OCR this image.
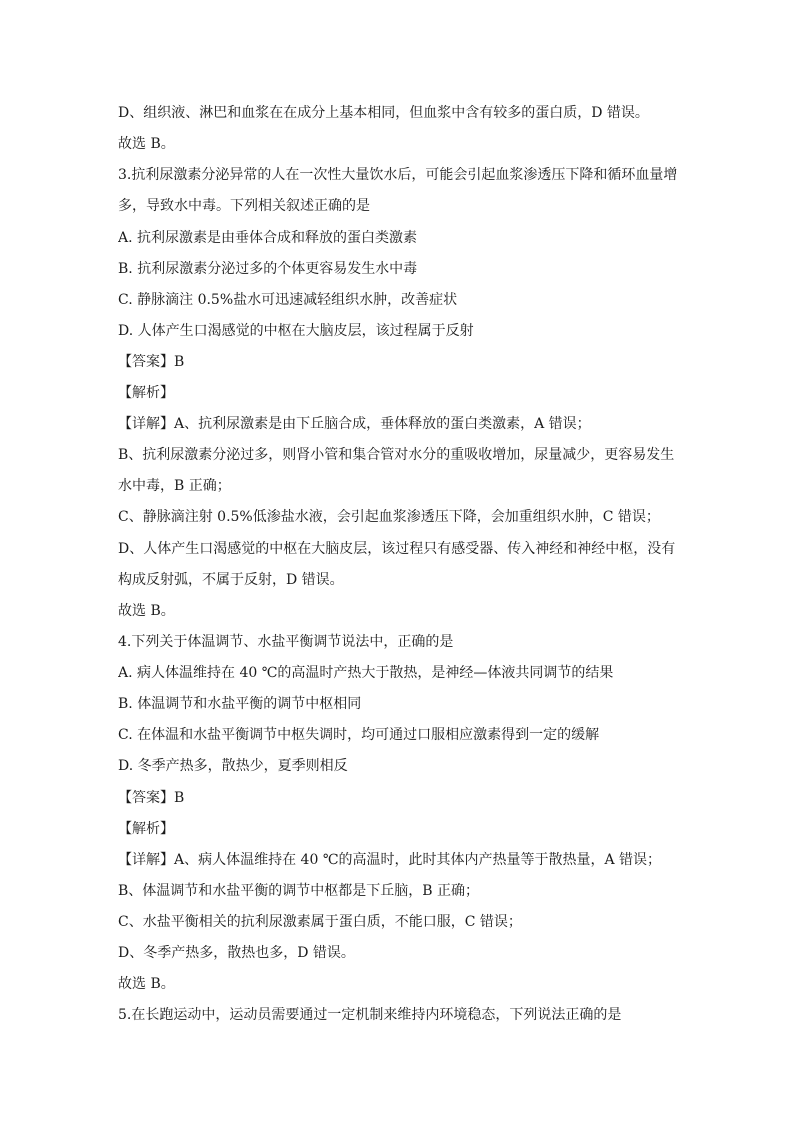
D、组织液、淋巴和血浆在在成分上基本相同，但血浆中含有较多的蛋白质，D 错误。
故选 B。
3.抗利尿激素分泌异常的人在一次性大量饮水后，可能会引起血浆渗透压下降和循环血量增
多，导致水中毒。下列相关叙述正确的是
A. 抗利尿激素是由垂体合成和释放的蛋白类激素
B. 抗利尿激素分泌过多的个体更容易发生水中毒
C. 静脉滴注 0.5%盐水可迅速减轻组织水肿，改善症状
D. 人体产生口渴感觉的中枢在大脑皮层，该过程属于反射
【答案】B
【解析】
【详解】A、抗利尿激素是由下丘脑合成，垂体释放的蛋白类激素，A 错误；
B、抗利尿激素分泌过多，则肾小管和集合管对水分的重吸收增加，尿量减少，更容易发生
水中毒，B 正确；
C、静脉滴注射 0.5%低渗盐水液，会引起血浆渗透压下降，会加重组织水肿，C 错误；
D、人体产生口渴感觉的中枢在大脑皮层，该过程只有感受器、传入神经和神经中枢，没有
构成反射弧，不属于反射，D 错误。
故选 B。
4.下列关于体温调节、水盐平衡调节说法中，正确的是
A. 病人体温维持在 40 ℃的高温时产热大于散热，是神经—体液共同调节的结果
B. 体温调节和水盐平衡的调节中枢相同
C. 在体温和水盐平衡调节中枢失调时，均可通过口服相应激素得到一定的缓解
D. 冬季产热多，散热少，夏季则相反
【答案】B
【解析】
【详解】A、病人体温维持在 40 ℃的高温时，此时其体内产热量等于散热量，A 错误；
B、体温调节和水盐平衡的调节中枢都是下丘脑，B 正确；
C、水盐平衡相关的抗利尿激素属于蛋白质，不能口服，C 错误；
D、冬季产热多，散热也多，D 错误。
故选 B。
5.在长跑运动中，运动员需要通过一定机制来维持内环境稳态，下列说法正确的是
